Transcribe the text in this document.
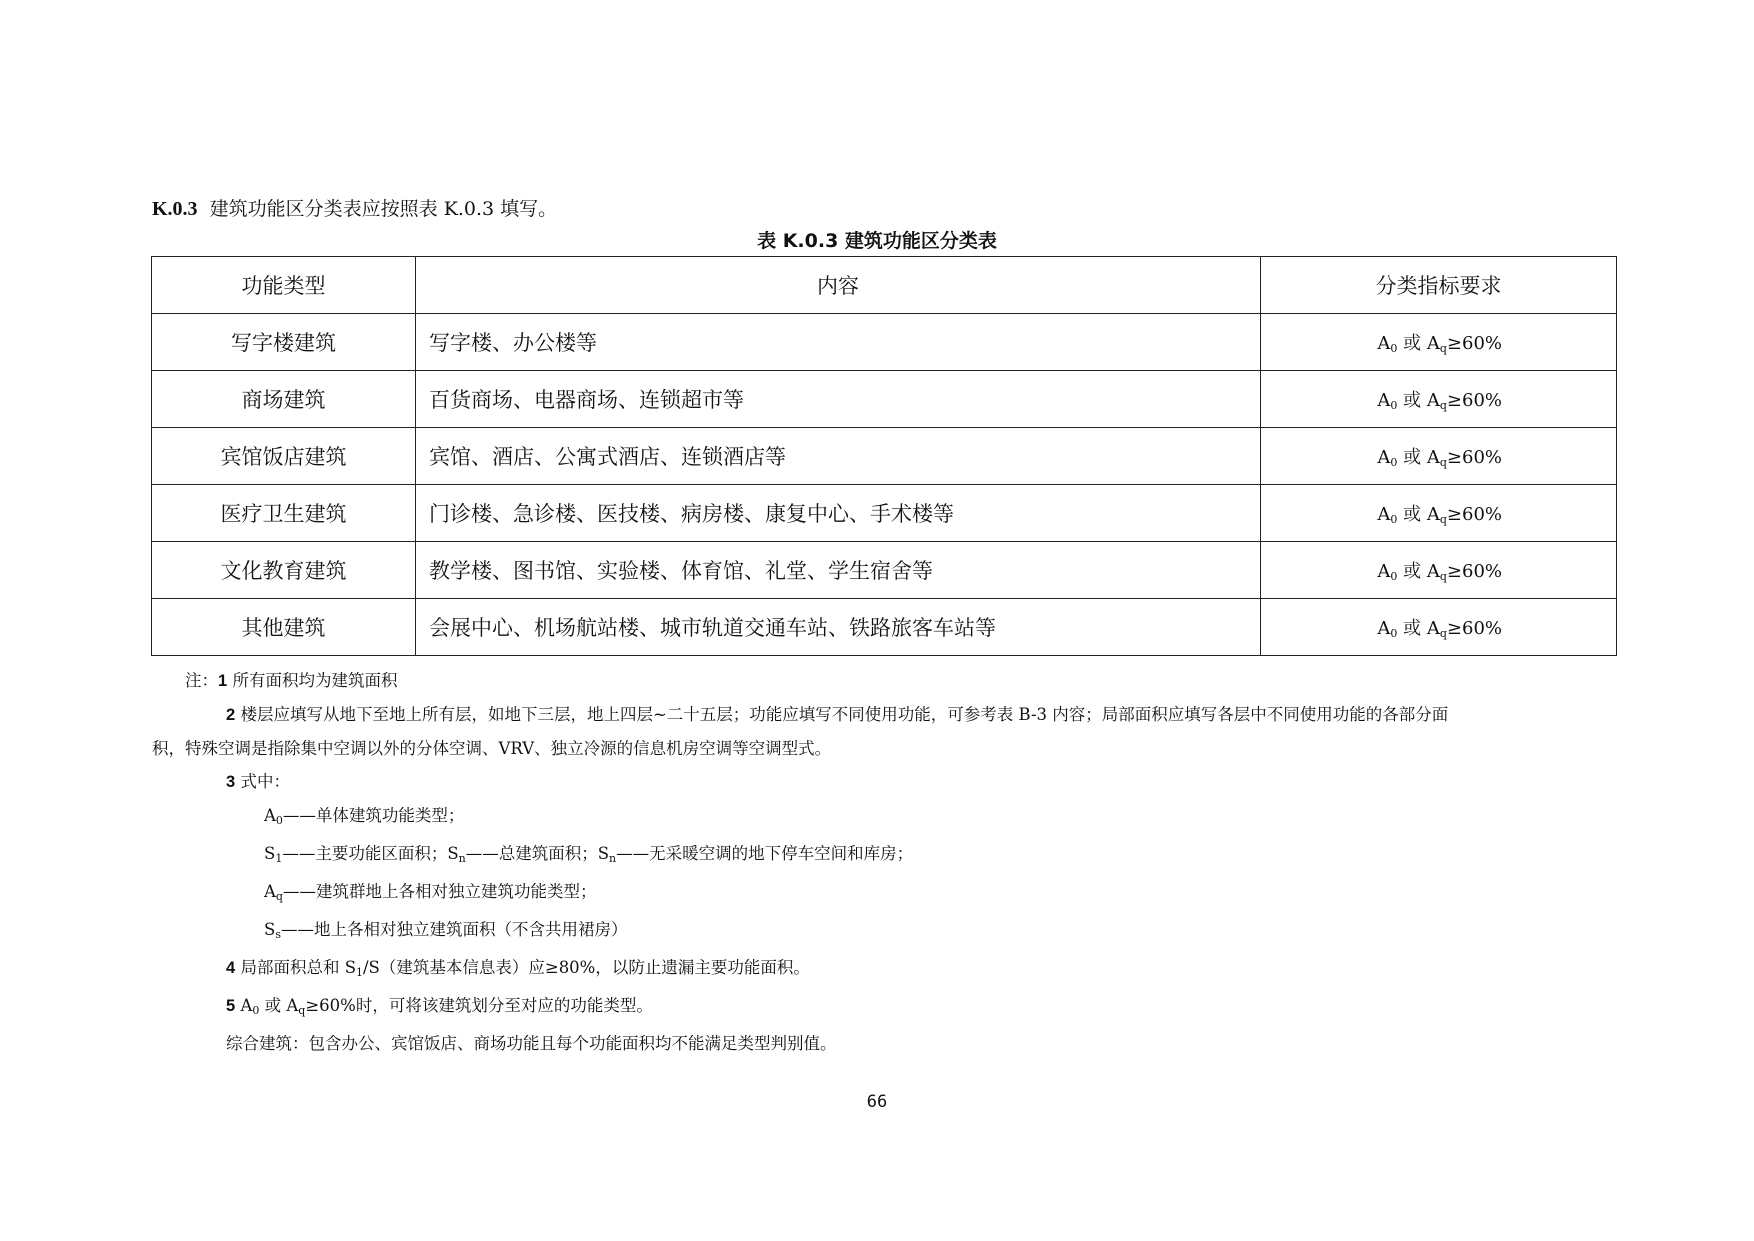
K.0.3 建筑功能区分类表应按照表 K.0.3 填写。
表 K.0.3 建筑功能区分类表
功能类型	内容	分类指标要求
写字楼建筑	写字楼、办公楼等	$A_0$ 或 $A_q\ge 60\%$
商场建筑	百货商场、电器商场、连锁超市等	$A_0$ 或 $A_q\ge 60\%$
宾馆饭店建筑	宾馆、酒店、公寓式酒店、连锁酒店等	$A_0$ 或 $A_q\ge 60\%$
医疗卫生建筑	门诊楼、急诊楼、医技楼、病房楼、康复中心、手术楼等	$A_0$ 或 $A_q\ge 60\%$
文化教育建筑	教学楼、图书馆、实验楼、体育馆、礼堂、学生宿舍等	$A_0$ 或 $A_q\ge 60\%$
其他建筑	会展中心、机场航站楼、城市轨道交通车站、铁路旅客车站等	$A_0$ 或 $A_q\ge 60\%$

注：1 所有面积均为建筑面积

2 楼层应填写从地下至地上所有层，如地下三层，地上四层~二十五层；功能应填写不同使用功能，可参考表 B-3 内容；局部面积应填写各层中不同使用功能的各部分面

积，特殊空调是指除集中空调以外的分体空调、VRV、独立冷源的信息机房空调等空调型式。

3 式中：

$A_0——$单体建筑功能类型；

$S_1——$主要功能区面积；$S_n——$总建筑面积；$S_n——$无采暖空调的地下停车空间和库房；

$A_q——$建筑群地上各相对独立建筑功能类型；

$S_s——$地上各相对独立建筑面积（不含共用裙房）

4 局部面积总和 $S_1/S$（建筑基本信息表）应≥80%，以防止遗漏主要功能面积。

5 $A_0$ 或 $A_q\ge 60\%$时，可将该建筑划分至对应的功能类型。

综合建筑：包含办公、宾馆饭店、商场功能且每个功能面积均不能满足类型判别值。

66
